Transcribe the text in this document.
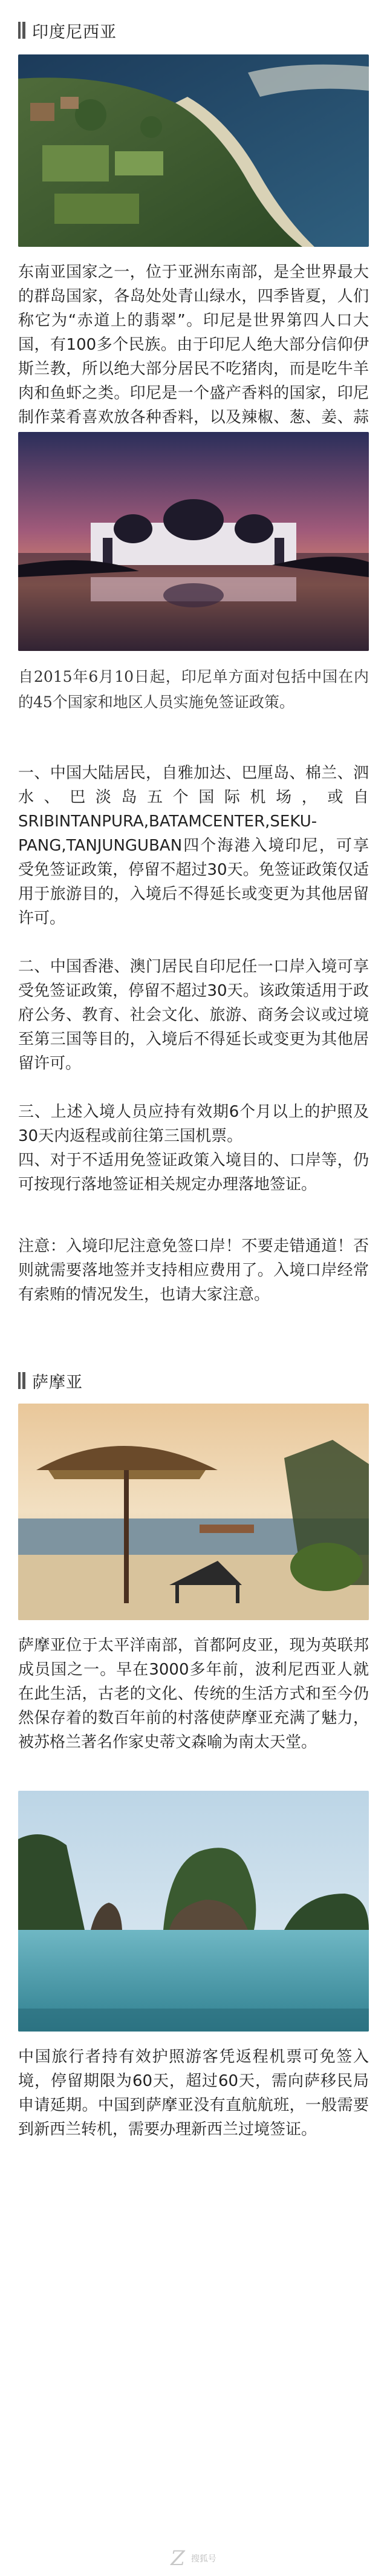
印度尼西亚

东南亚国家之一，位于亚洲东南部，是全世界最大的群岛国家，各岛处处青山绿水，四季皆夏，人们称它为“赤道上的翡翠”。印尼是世界第四人口大国，有100多个民族。由于印尼人绝大部分信仰伊斯兰教，所以绝大部分居民不吃猪肉，而是吃牛羊肉和鱼虾之类。印尼是一个盛产香料的国家，印尼制作菜肴喜欢放各种香料，以及辣椒、葱、姜、蒜

自2015年6月10日起，印尼单方面对包括中国在内的45个国家和地区人员实施免签证政策。

一、中国大陆居民，自雅加达、巴厘岛、棉兰、泗水、巴淡岛五个国际机场，或自SRIBINTANPURA,BATAMCENTER,SEKU-PANG,TANJUNGUBAN四个海港入境印尼，可享受免签证政策，停留不超过30天。免签证政策仅适用于旅游目的，入境后不得延长或变更为其他居留许可。

二、中国香港、澳门居民自印尼任一口岸入境可享受免签证政策，停留不超过30天。该政策适用于政府公务、教育、社会文化、旅游、商务会议或过境至第三国等目的，入境后不得延长或变更为其他居留许可。

三、上述入境人员应持有效期6个月以上的护照及30天内返程或前往第三国机票。

四、对于不适用免签证政策入境目的、口岸等，仍可按现行落地签证相关规定办理落地签证。

注意：入境印尼注意免签口岸！不要走错通道！否则就需要落地签并支持相应费用了。入境口岸经常有索贿的情况发生，也请大家注意。

萨摩亚

萨摩亚位于太平洋南部，首都阿皮亚，现为英联邦成员国之一。早在3000多年前，波利尼西亚人就在此生活，古老的文化、传统的生活方式和至今仍然保存着的数百年前的村落使萨摩亚充满了魅力，被苏格兰著名作家史蒂文森喻为南太天堂。

中国旅行者持有效护照游客凭返程机票可免签入境，停留期限为60天，超过60天，需向萨移民局申请延期。中国到萨摩亚没有直航航班，一般需要到新西兰转机，需要办理新西兰过境签证。

Z 搜狐号
